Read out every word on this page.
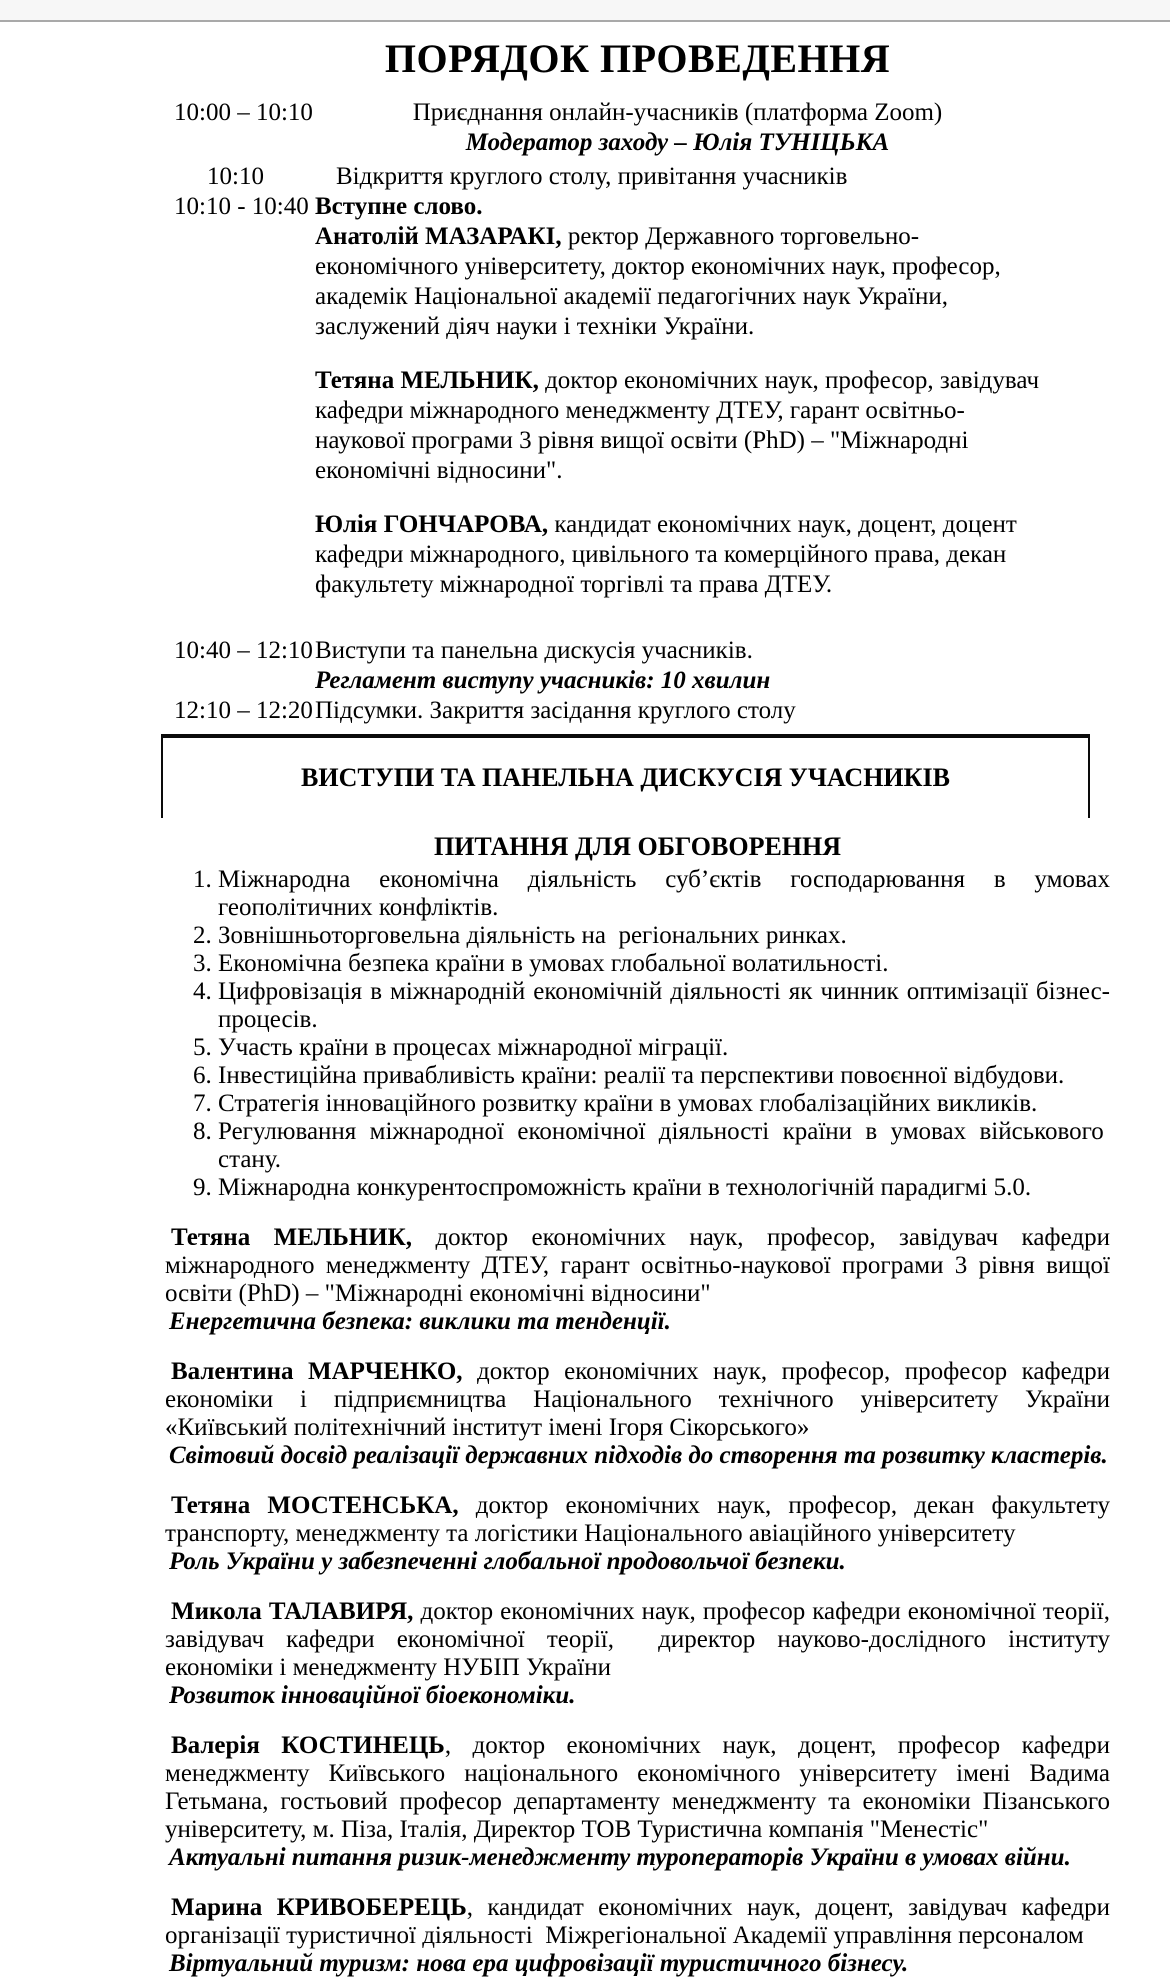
ПОРЯДОК ПРОВЕДЕННЯ
10:00 – 10:10	Приєднання онлайн-учасників (платформа Zoom)
Модератор заходу – Юлія ТУНІЦЬКА
10:10	Відкриття круглого столу, привітання учасників
10:10 - 10:40 Вступне слово.

Анатолій МАЗАРАКІ, ректор Державного торговельно-економічного університету, доктор економічних наук, професор, академік Національної академії педагогічних наук України, заслужений діяч науки і техніки України.

Тетяна МЕЛЬНИК, доктор економічних наук, професор, завідувач кафедри міжнародного менеджменту ДТЕУ, гарант освітньо-наукової програми 3 рівня вищої освіти (PhD) – "Міжнародні економічні відносини".

Юлія ГОНЧАРОВА, кандидат економічних наук, доцент, доцент кафедри міжнародного, цивільного та комерційного права, декан факультету міжнародної торгівлі та права ДТЕУ.

10:40 – 12:10 Виступи та панельна дискусія учасників.
Регламент виступу учасників: 10 хвилин
12:10 – 12:20 Підсумки. Закриття засідання круглого столу
ВИСТУПИ ТА ПАНЕЛЬНА ДИСКУСІЯ УЧАСНИКІВ
ПИТАННЯ ДЛЯ ОБГОВОРЕННЯ
Міжнародна економічна діяльність суб’єктів господарювання в умовах геополітичних конфліктів.
Зовнішньоторговельна діяльність на  регіональних ринках.
Економічна безпека країни в умовах глобальної волатильності.
Цифровізація в міжнародній економічній діяльності як чинник оптимізації бізнес-процесів.
Участь країни в процесах міжнародної міграції.
Інвестиційна привабливість країни: реалії та перспективи повоєнної відбудови.
Стратегія інноваційного розвитку країни в умовах глобалізаційних викликів.
Регулювання міжнародної економічної діяльності країни в умовах військового  стану.
Міжнародна конкурентоспроможність країни в технологічній парадигмі 5.0.

Тетяна МЕЛЬНИК, доктор економічних наук, професор, завідувач кафедри міжнародного менеджменту ДТЕУ, гарант освітньо-наукової програми 3 рівня вищої освіти (PhD) – "Міжнародні економічні відносини"

Енергетична безпека: виклики та тенденції.

Валентина МАРЧЕНКО, доктор економічних наук, професор, професор кафедри економіки і підприємництва Національного технічного університету України «Київський політехнічний інститут імені Ігоря Сікорського»

Світовий досвід реалізації державних підходів до створення та розвитку кластерів.

Тетяна МОСТЕНСЬКА, доктор економічних наук, професор, декан факультету транспорту, менеджменту та логістики Національного авіаційного університету

Роль України у забезпеченні глобальної продовольчої безпеки.

Микола ТАЛАВИРЯ, доктор економічних наук, професор кафедри економічної теорії, завідувач кафедри економічної теорії,  директор науково-дослідного інституту економіки і менеджменту НУБІП України

Розвиток інноваційної біоекономіки.

Валерія КОСТИНЕЦЬ, доктор економічних наук, доцент, професор кафедри менеджменту Київського національного економічного університету імені Вадима Гетьмана, гостьовий професор департаменту менеджменту та економіки Пізанського університету, м. Піза, Італія, Директор ТОВ Туристична компанія "Менестіс"

Актуальні питання ризик-менеджменту туроператорів України в умовах війни.

Марина КРИВОБЕРЕЦЬ, кандидат економічних наук, доцент, завідувач кафедри організації туристичної діяльності  Міжрегіональної Академії управління персоналом

Віртуальний туризм: нова ера цифровізації туристичного бізнесу.
